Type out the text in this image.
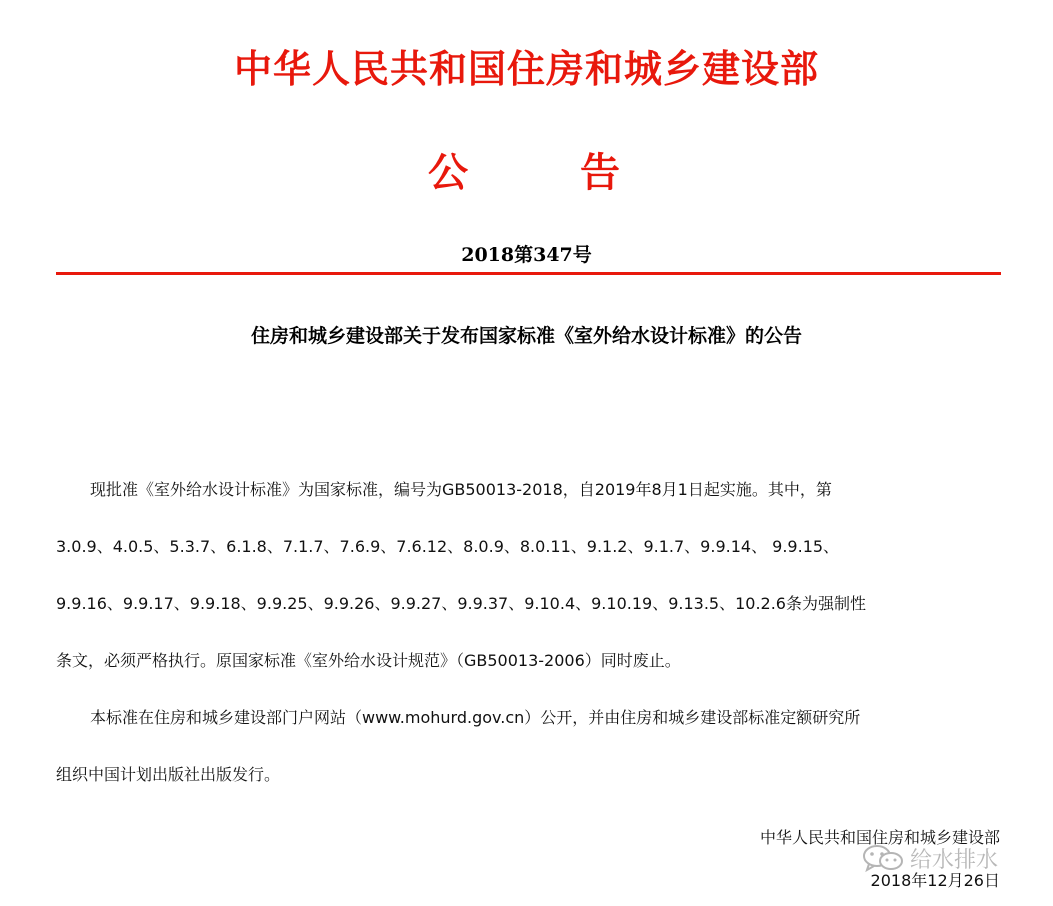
中华人民共和国住房和城乡建设部
公	告
2018第347号
住房和城乡建设部关于发布国家标准《室外给水设计标准》的公告
现批准《室外给水设计标准》为国家标准，编号为GB50013-2018，自2019年8月1日起实施。其中，第
3.0.9、4.0.5、5.3.7、6.1.8、7.1.7、7.6.9、7.6.12、8.0.9、8.0.11、9.1.2、9.1.7、9.9.14、 9.9.15、
9.9.16、9.9.17、9.9.18、9.9.25、9.9.26、9.9.27、9.9.37、9.10.4、9.10.19、9.13.5、10.2.6条为强制性
条文，必须严格执行。原国家标准《室外给水设计规范》（GB50013-2006）同时废止。
本标准在住房和城乡建设部门户网站（www.mohurd.gov.cn）公开，并由住房和城乡建设部标准定额研究所
组织中国计划出版社出版发行。
中华人民共和国住房和城乡建设部
给水排水
2018年12月26日
